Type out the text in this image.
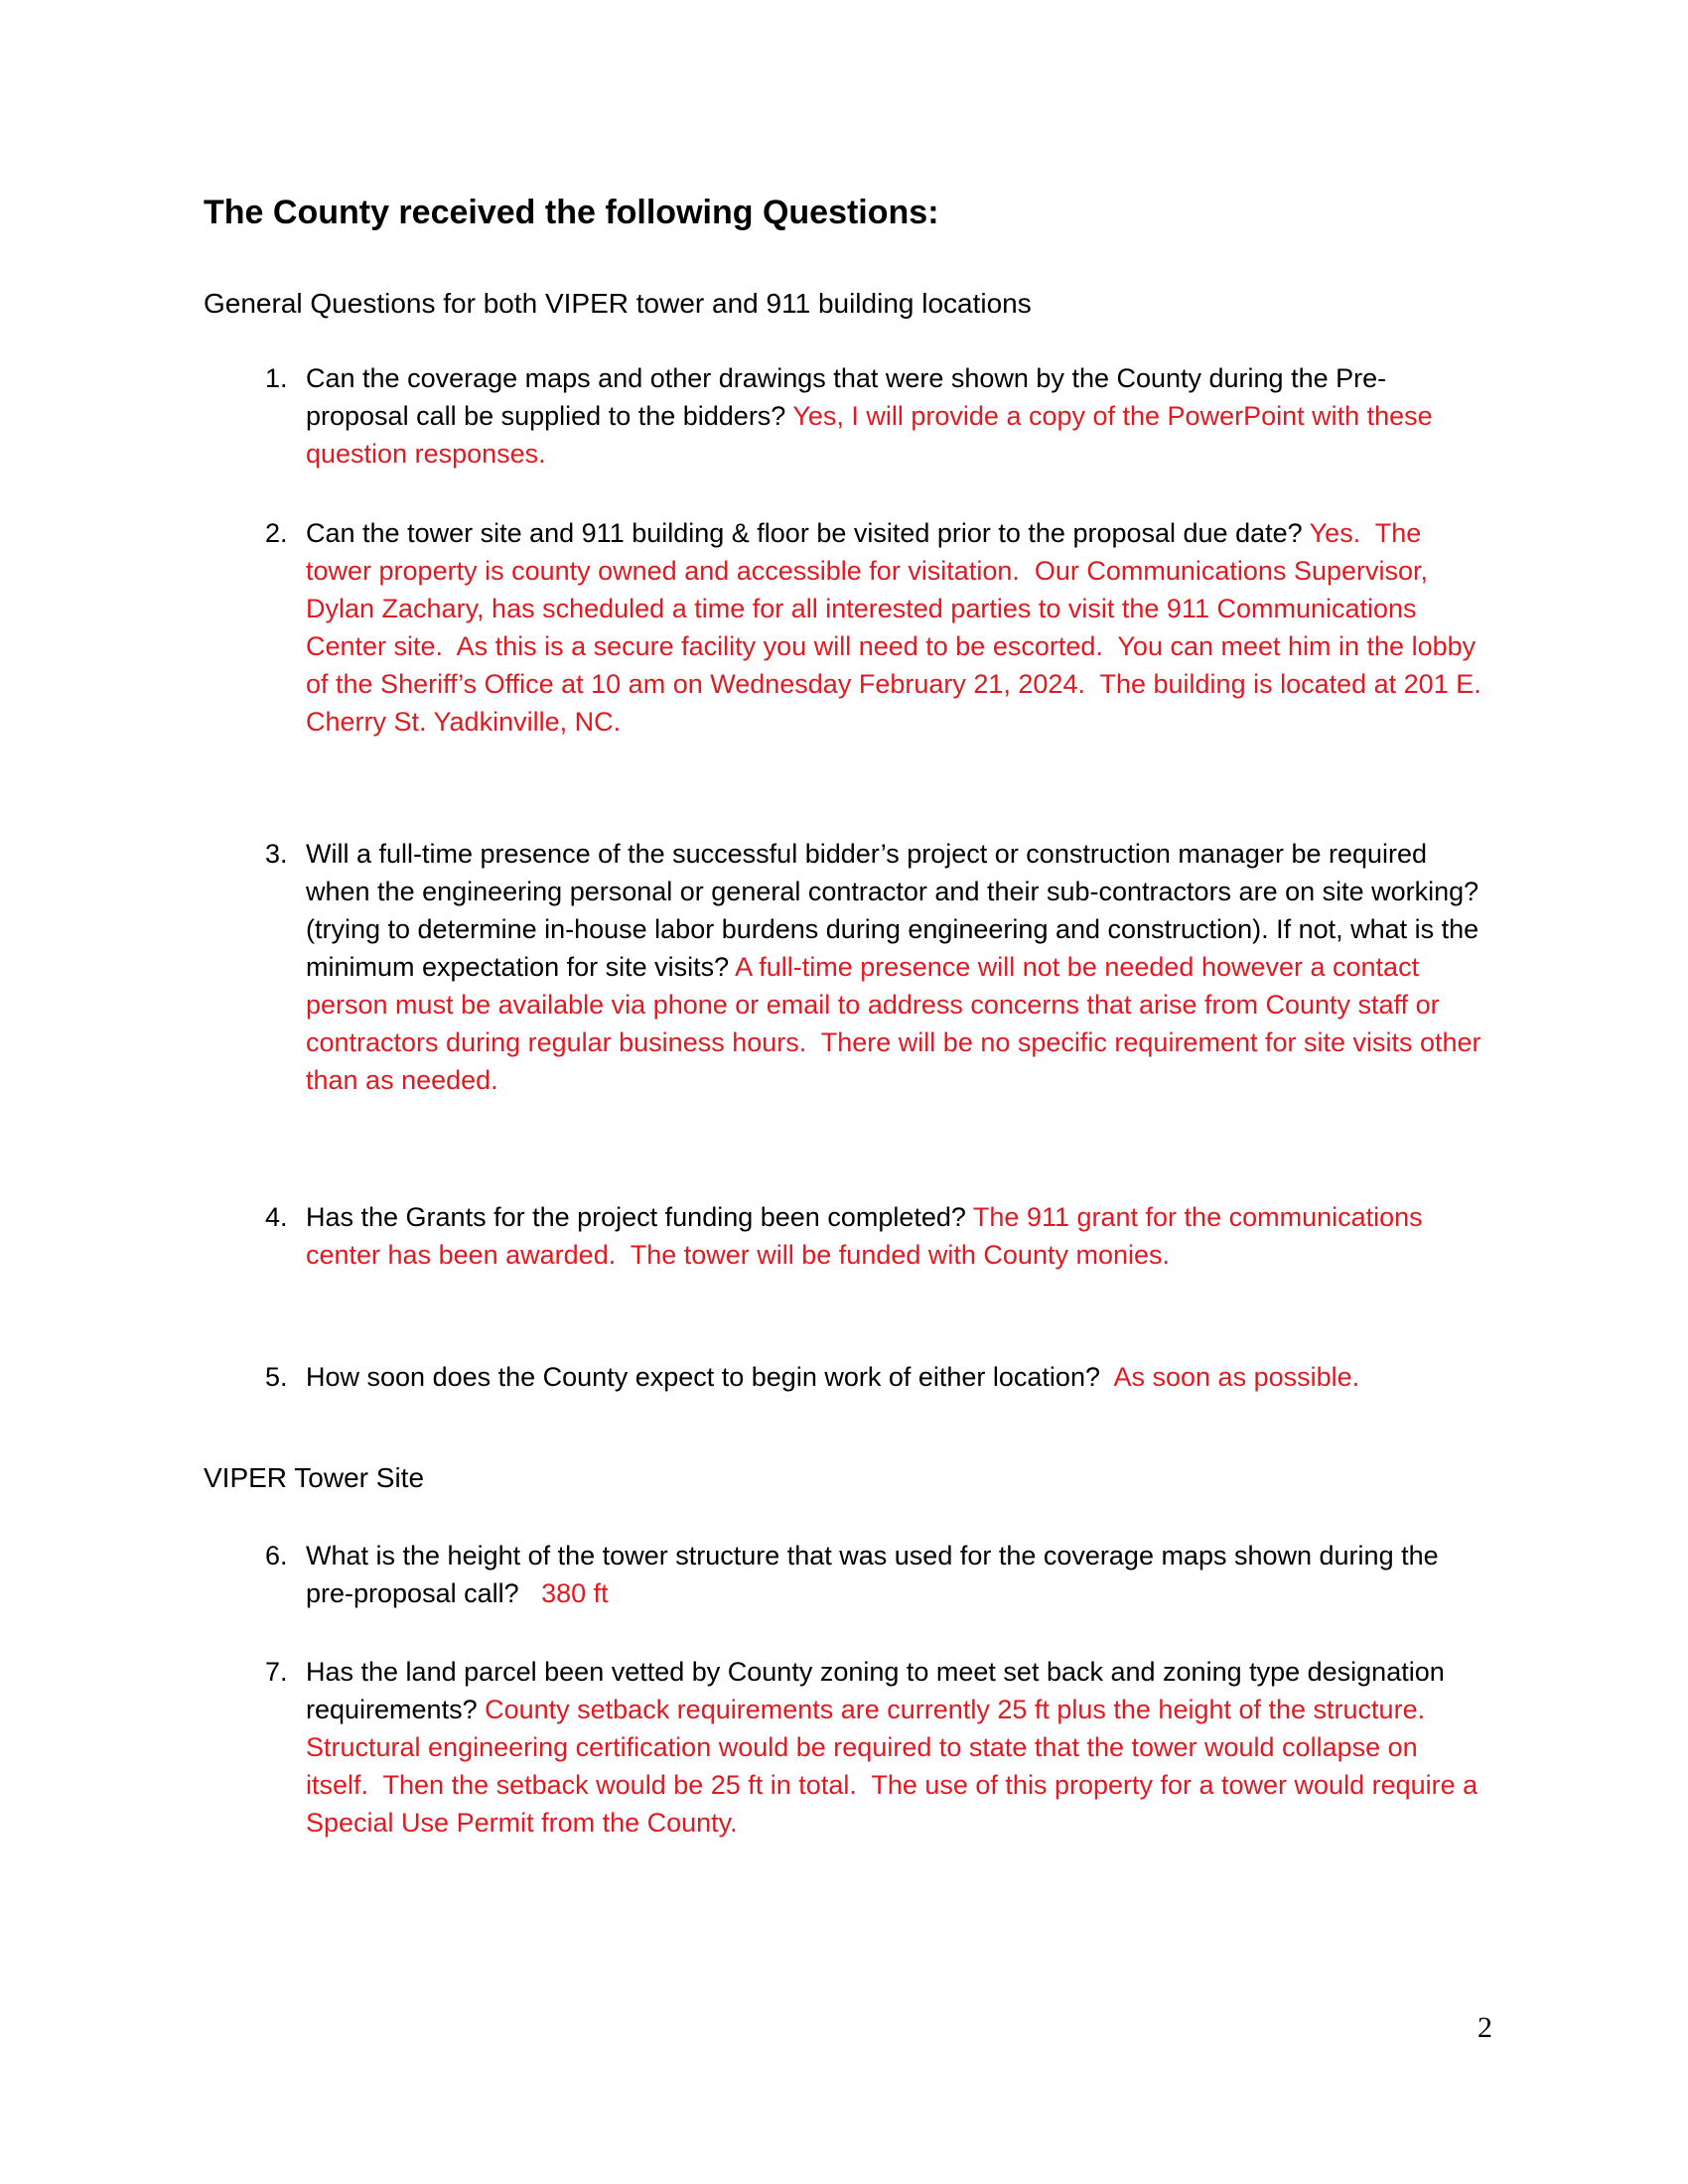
The County received the following Questions:

General Questions for both VIPER tower and 911 building locations

1. Can the coverage maps and other drawings that were shown by the County during the Pre-proposal call be supplied to the bidders? Yes, I will provide a copy of the PowerPoint with these question responses.
2. Can the tower site and 911 building & floor be visited prior to the proposal due date? Yes.  The tower property is county owned and accessible for visitation.  Our Communications Supervisor, Dylan Zachary, has scheduled a time for all interested parties to visit the 911 Communications Center site.  As this is a secure facility you will need to be escorted.  You can meet him in the lobby of the Sheriff’s Office at 10 am on Wednesday February 21, 2024.  The building is located at 201 E. Cherry St. Yadkinville, NC.
3. Will a full-time presence of the successful bidder’s project or construction manager be required when the engineering personal or general contractor and their sub-contractors are on site working? (trying to determine in-house labor burdens during engineering and construction). If not, what is the minimum expectation for site visits? A full-time presence will not be needed however a contact person must be available via phone or email to address concerns that arise from County staff or contractors during regular business hours.  There will be no specific requirement for site visits other than as needed.
4. Has the Grants for the project funding been completed? The 911 grant for the communications center has been awarded.  The tower will be funded with County monies.
5. How soon does the County expect to begin work of either location?  As soon as possible.

VIPER Tower Site

6. What is the height of the tower structure that was used for the coverage maps shown during the pre-proposal call?   380 ft
7. Has the land parcel been vetted by County zoning to meet set back and zoning type designation requirements? County setback requirements are currently 25 ft plus the height of the structure.  Structural engineering certification would be required to state that the tower would collapse on itself.  Then the setback would be 25 ft in total.  The use of this property for a tower would require a Special Use Permit from the County.
2
